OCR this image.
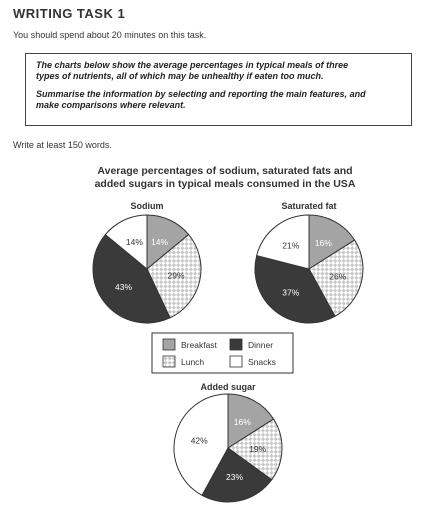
WRITING TASK 1
You should spend about 20 minutes on this task.

The charts below show the average percentages in typical meals of three
types of nutrients, all of which may be unhealthy if eaten too much.

Summarise the information by selecting and reporting the main features, and
make comparisons where relevant.

Write at least 150 words.
Average percentages of sodium, saturated fats and
added sugars in typical meals consumed in the USA
Sodium
14%
29%
43%
14%
Saturated fat
16%
26%
37%
21%
Added sugar
16%
19%
23%
42%
Breakfast	Dinner
Lunch	Snacks
